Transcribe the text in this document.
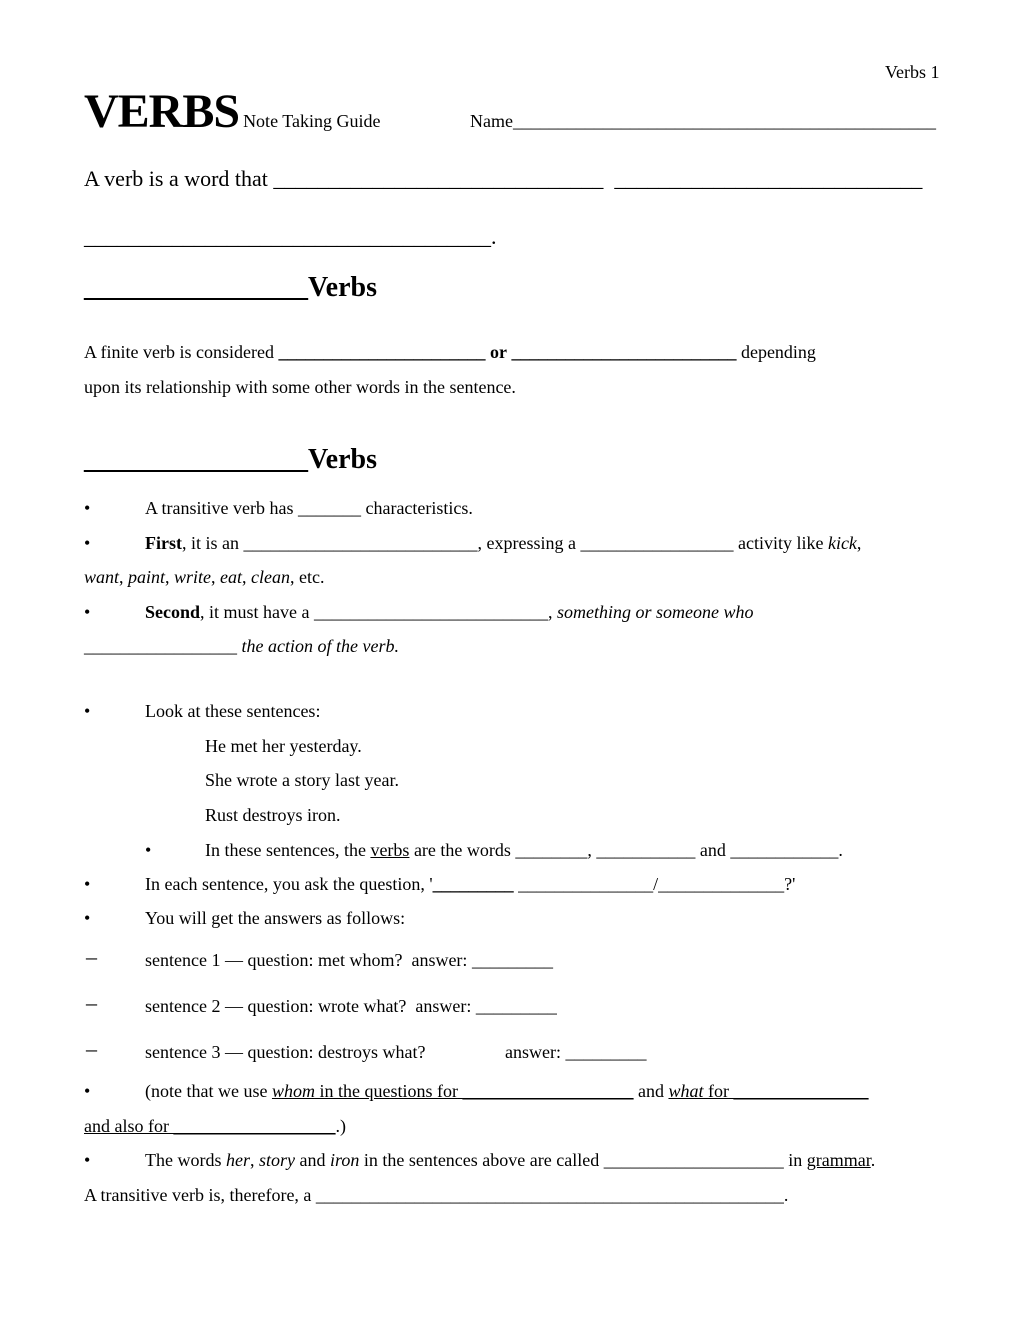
Verbs 1
VERBS Note Taking Guide	Name_______________________________________________
A verb is a word that ______________________________ ____________________________
_____________________________________.
________________Verbs
A finite verb is considered _______________________ or _________________________ depending
upon its relationship with some other words in the sentence.
________________Verbs
•	A transitive verb has _______ characteristics.
•	First, it is an __________________________, expressing a _________________ activity like kick,
want, paint, write, eat, clean, etc.
•	Second, it must have a __________________________, something or someone who
_________________ the action of the verb.
•	Look at these sentences:
He met her yesterday.
She wrote a story last year.
Rust destroys iron.
•	In these sentences, the verbs are the words ________, ___________ and ____________.
•	In each sentence, you ask the question, '_________ _______________/______________?'
•	You will get the answers as follows:
–	sentence 1 — question: met whom? answer: _________
–	sentence 2 — question: wrote what? answer: _________
–	sentence 3 — question: destroys what?	answer: _________
•	(note that we use whom in the questions for ___________________ and what for _______________
and also for __________________.)
•	The words her, story and iron in the sentences above are called ____________________ in grammar.
A transitive verb is, therefore, a ____________________________________________________.
